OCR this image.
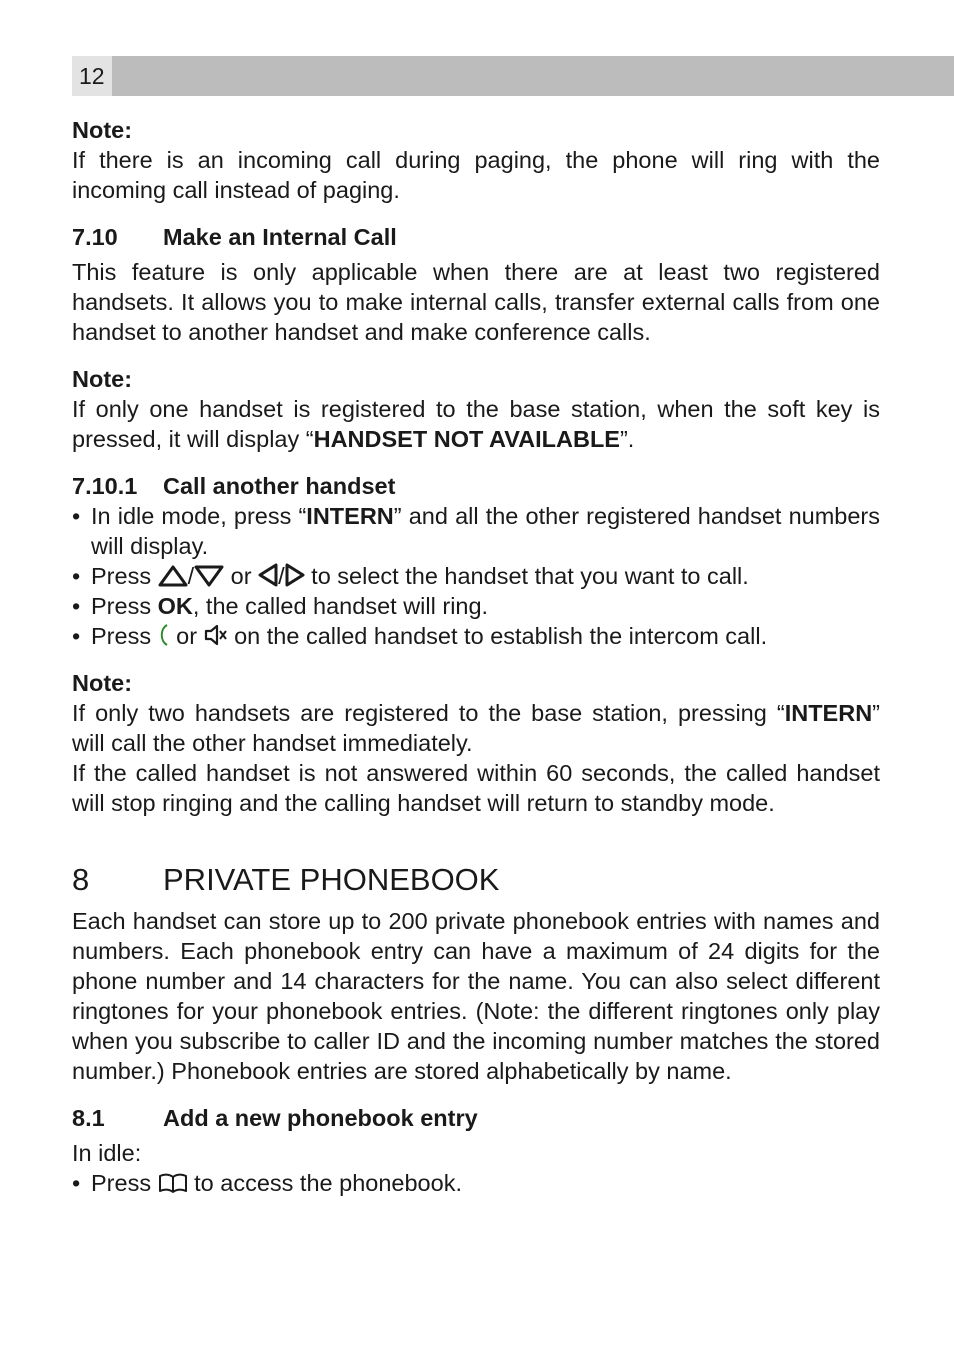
12

Note:

If there is an incoming call during paging, the phone will ring with the incoming call instead of paging.

7.10	Make an Internal Call

This feature is only applicable when there are at least two registered handsets. It allows you to make internal calls, transfer external calls from one handset to another handset and make conference calls.

Note:

If only one handset is registered to the base station, when the soft key is pressed, it will display “HANDSET NOT AVAILABLE”.

7.10.1	Call another handset
• In idle mode, press “INTERN” and all the other registered handset numbers will display.
• Press / or / to select the handset that you want to call.
• Press OK, the called handset will ring.
• Press or on the called handset to establish the intercom call.

Note:

If only two handsets are registered to the base station, pressing “INTERN” will call the other handset immediately.

If the called handset is not answered within 60 seconds, the called handset will stop ringing and the calling handset will return to standby mode.

8	PRIVATE PHONEBOOK

Each handset can store up to 200 private phonebook entries with names and numbers. Each phonebook entry can have a maximum of 24 digits for the phone number and 14 characters for the name. You can also select different ringtones for your phonebook entries. (Note: the different ringtones only play when you subscribe to caller ID and the incoming number matches the stored number.) Phonebook entries are stored alphabetically by name.

8.1	Add a new phonebook entry

In idle:

• Press to access the phonebook.
